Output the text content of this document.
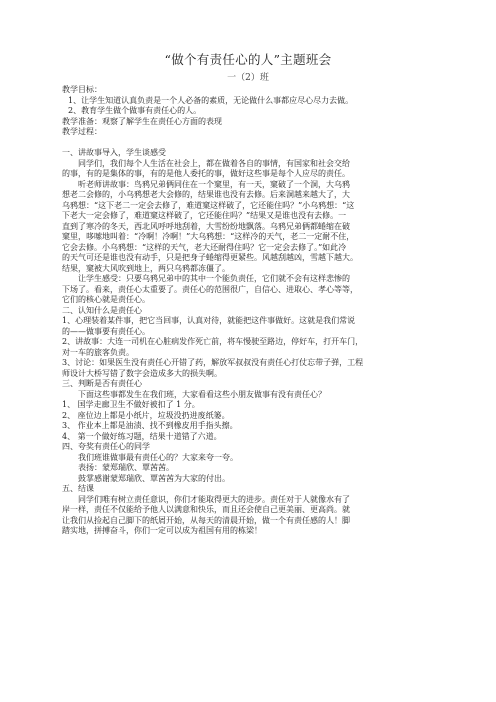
“做个有责任心的人”主题班会
一（2）班
教学目标：
1、让学生知道认真负责是一个人必备的素质，无论做什么事都应尽心尽力去做。
2、教育学生做个做事有责任心的人。
教学准备：观察了解学生在责任心方面的表现
教学过程：
一、讲故事导入，学生谈感受
同学们，我们每个人生活在社会上，都在做着各自的事情，有国家和社会交给
的事，有的是集体的事，有的是他人委托的事，做好这些事是每个人应尽的责任。
听老师讲故事：鸟鸦兄弟俩同住在一个窠里，有一天，窠破了一个洞，大乌鸦
想老二会修的，小乌鸦想老大会修的，结果谁也没有去修。后来洞越来越大了，大
乌鸦想：“这下老二一定会去修了，难道窠这样破了，它还能住吗？”小乌鸦想：“这
下老大一定会修了，难道窠这样破了，它还能住吗？”结果又是谁也没有去修。一
直到了寒冷的冬天，西北风呼呼地刮着，大雪纷纷地飘落。乌鸦兄弟俩都蜷缩在破
窠里，哆嗦地叫着：“冷啊！冷啊！”大乌鸦想：“这样冷的天气，老二一定耐不住，
它会去修。小乌鸦想：“这样的天气，老大还耐得住吗？它一定会去修了。”如此冷
的天气可还是谁也没有动手，只是把身子蜷缩得更紧些。风越刮越凶，雪越下越大。
结果，窠被大风吹到地上，两只乌鸦都冻僵了。
让学生感受：只要乌鸦兄弟中的其中一个能负责任，它们就不会有这样悲惨的
下场了。看来，责任心太重要了。责任心的范围很广，自信心、进取心、孝心等等，
它们的核心就是责任心。
二、认知什么是责任心
1、心理装着某件事，把它当回事，认真对待，就能把这件事做好。这就是我们常说
的——做事要有责任心。
2、讲故事：大连一司机在心脏病发作死亡前，将车慢驶至路边，停好车，打开车门，
对一车的旅客负责。
3、讨论：如果医生没有责任心开错了药，解放军叔叔没有责任心打仗忘带子弹，工程
师设计大桥写错了数字会造成多大的损失啊。
三、判断是否有责任心
下面这些事都发生在我们班，大家看看这些小朋友做事有没有责任心？
1、 国学走廊卫生不做好被扣了 1 分。
2、 座位边上都是小纸片，垃圾没扔进废纸篓。
3、 作业本上都是油渍、找不到橡皮用手指头擦。
4、 第一个做好练习题，结果十道错了六道。
四、夸奖有责任心的同学
我们班谁做事最有责任心的？大家来夸一夸。
表扬：蒙郑瑞欣、覃茜茜。
鼓掌感谢蒙郑瑞欣、覃茜茜为大家的付出。
五、结课
同学们唯有树立责任意识，你们才能取得更大的进步。责任对于人就像水有了
岸一样，责任不仅能给予他人以满意和快乐，而且还会使自己更美丽、更高尚。就
让我们从捡起自己脚下的纸屑开始，从每天的清晨开始，做一个有责任感的人！脚
踏实地，拼搏奋斗，你们一定可以成为祖国有用的栋梁！
